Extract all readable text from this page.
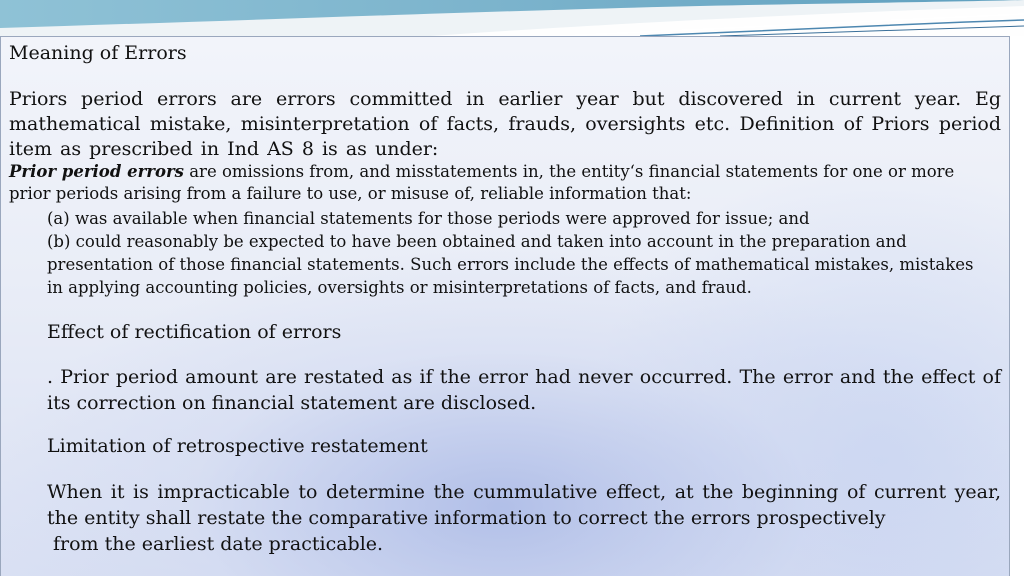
Meaning of Errors

Priors period errors are errors committed in earlier year but discovered in current year. Eg mathematical mistake, misinterpretation of facts, frauds, oversights etc. Definition of Priors period item as prescribed in Ind AS 8 is as under:

Prior period errors are omissions from, and misstatements in, the entity‘s financial statements for one or more prior periods arising from a failure to use, or misuse of, reliable information that:

(a) was available when financial statements for those periods were approved for issue; and

(b) could reasonably be expected to have been obtained and taken into account in the preparation and presentation of those financial statements. Such errors include the effects of mathematical mistakes, mistakes in applying accounting policies, oversights or misinterpretations of facts, and fraud.

Effect of rectification of errors

. Prior period amount are restated as if the error had never occurred. The error and the effect of its correction on financial statement are disclosed.

Limitation of retrospective restatement

When it is impracticable to determine the cummulative effect, at the beginning of current year, the entity shall restate the comparative information to correct the errors prospectively

from the earliest date practicable.
